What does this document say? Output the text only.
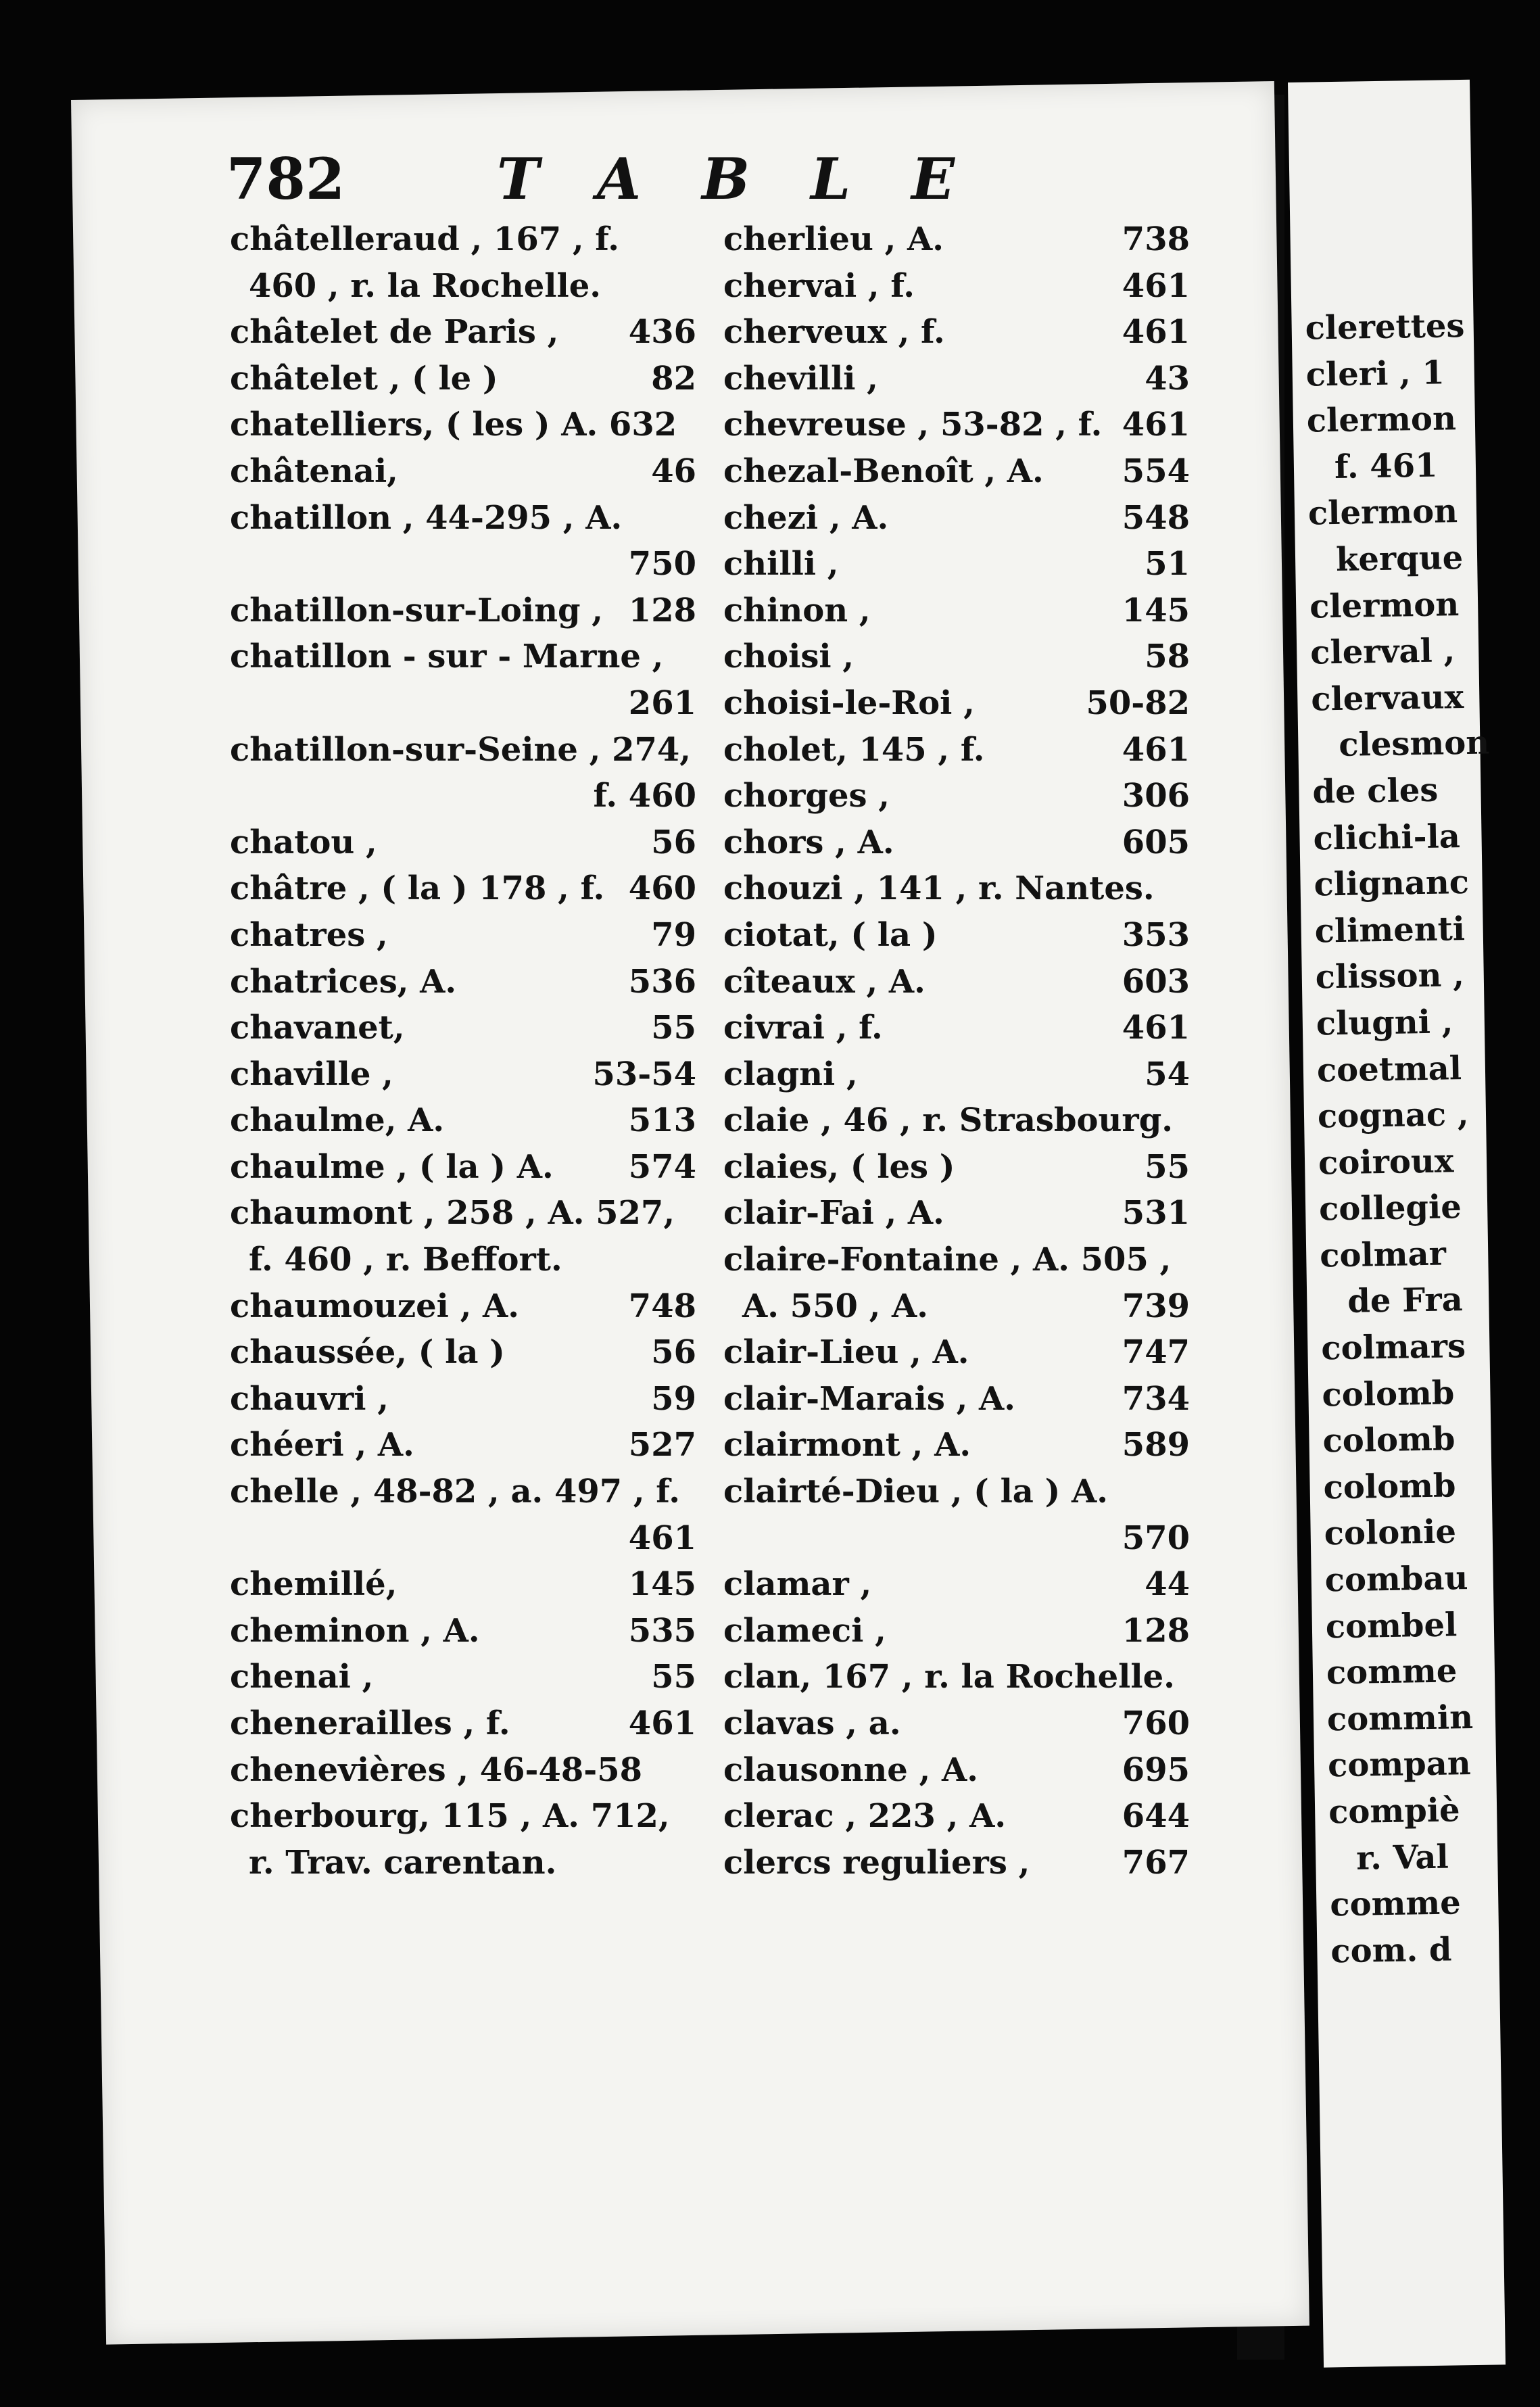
clerettes
cleri , 1
clermon
f. 461
clermon
kerque
clermon
clerval ,
clervaux
clesmon
de cles
clichi-la
clignanc
climenti
clisson ,
clugni ,
coetmal
cognac ,
coiroux
collegie
colmar
de Fra
colmars
colomb
colomb
colomb
colonie
combau
combel
comme
commin
compan
compiè
r. Val
comme
com. d
782	TABLE
châtelleraud , 167 , f.
460 , r. la Rochelle.
châtelet de Paris , 436
châtelet , ( le )	82
chatelliers, ( les ) A. 632
châtenai,	46
chatillon , 44-295 , A.
750
chatillon-sur-Loing , 128
chatillon - sur - Marne ,
261
chatillon-sur-Seine , 274,
f. 460
chatou ,	56
châtre , ( la ) 178 , f. 460
chatres ,	79
chatrices, A.	536
chavanet,	55
chaville ,	53-54
chaulme, A.	513
chaulme , ( la ) A. 574
chaumont , 258 , A. 527,
f. 460 , r. Beffort.
chaumouzei , A.	748
chaussée, ( la )	56
chauvri ,	59
chéeri , A.	527
chelle , 48-82 , a. 497 , f.
461
chemillé,	145
cheminon , A.	535
chenai ,	55
chenerailles , f.	461
chenevières , 46-48-58
cherbourg, 115 , A. 712,
r. Trav. carentan.
cherlieu , A.	738
chervai , f.	461
cherveux , f.	461
chevilli ,	43
chevreuse , 53-82 , f. 461
chezal-Benoît , A. 554
chezi , A.	548
chilli ,	51
chinon ,	145
choisi ,	58
choisi-le-Roi ,	50-82
cholet, 145 , f.	461
chorges ,	306
chors , A.	605
chouzi , 141 , r. Nantes.
ciotat, ( la )	353
cîteaux , A.	603
civrai , f.	461
clagni ,	54
claie , 46 , r. Strasbourg.
claies, ( les )	55
clair-Fai , A.	531
claire-Fontaine , A. 505 ,
A. 550 , A.	739
clair-Lieu , A.	747
clair-Marais , A.	734
clairmont , A.	589
clairté-Dieu , ( la ) A.
570
clamar ,	44
clameci ,	128
clan, 167 , r. la Rochelle.
clavas , a.	760
clausonne , A.	695
clerac , 223 , A.	644
clercs reguliers ,	767
